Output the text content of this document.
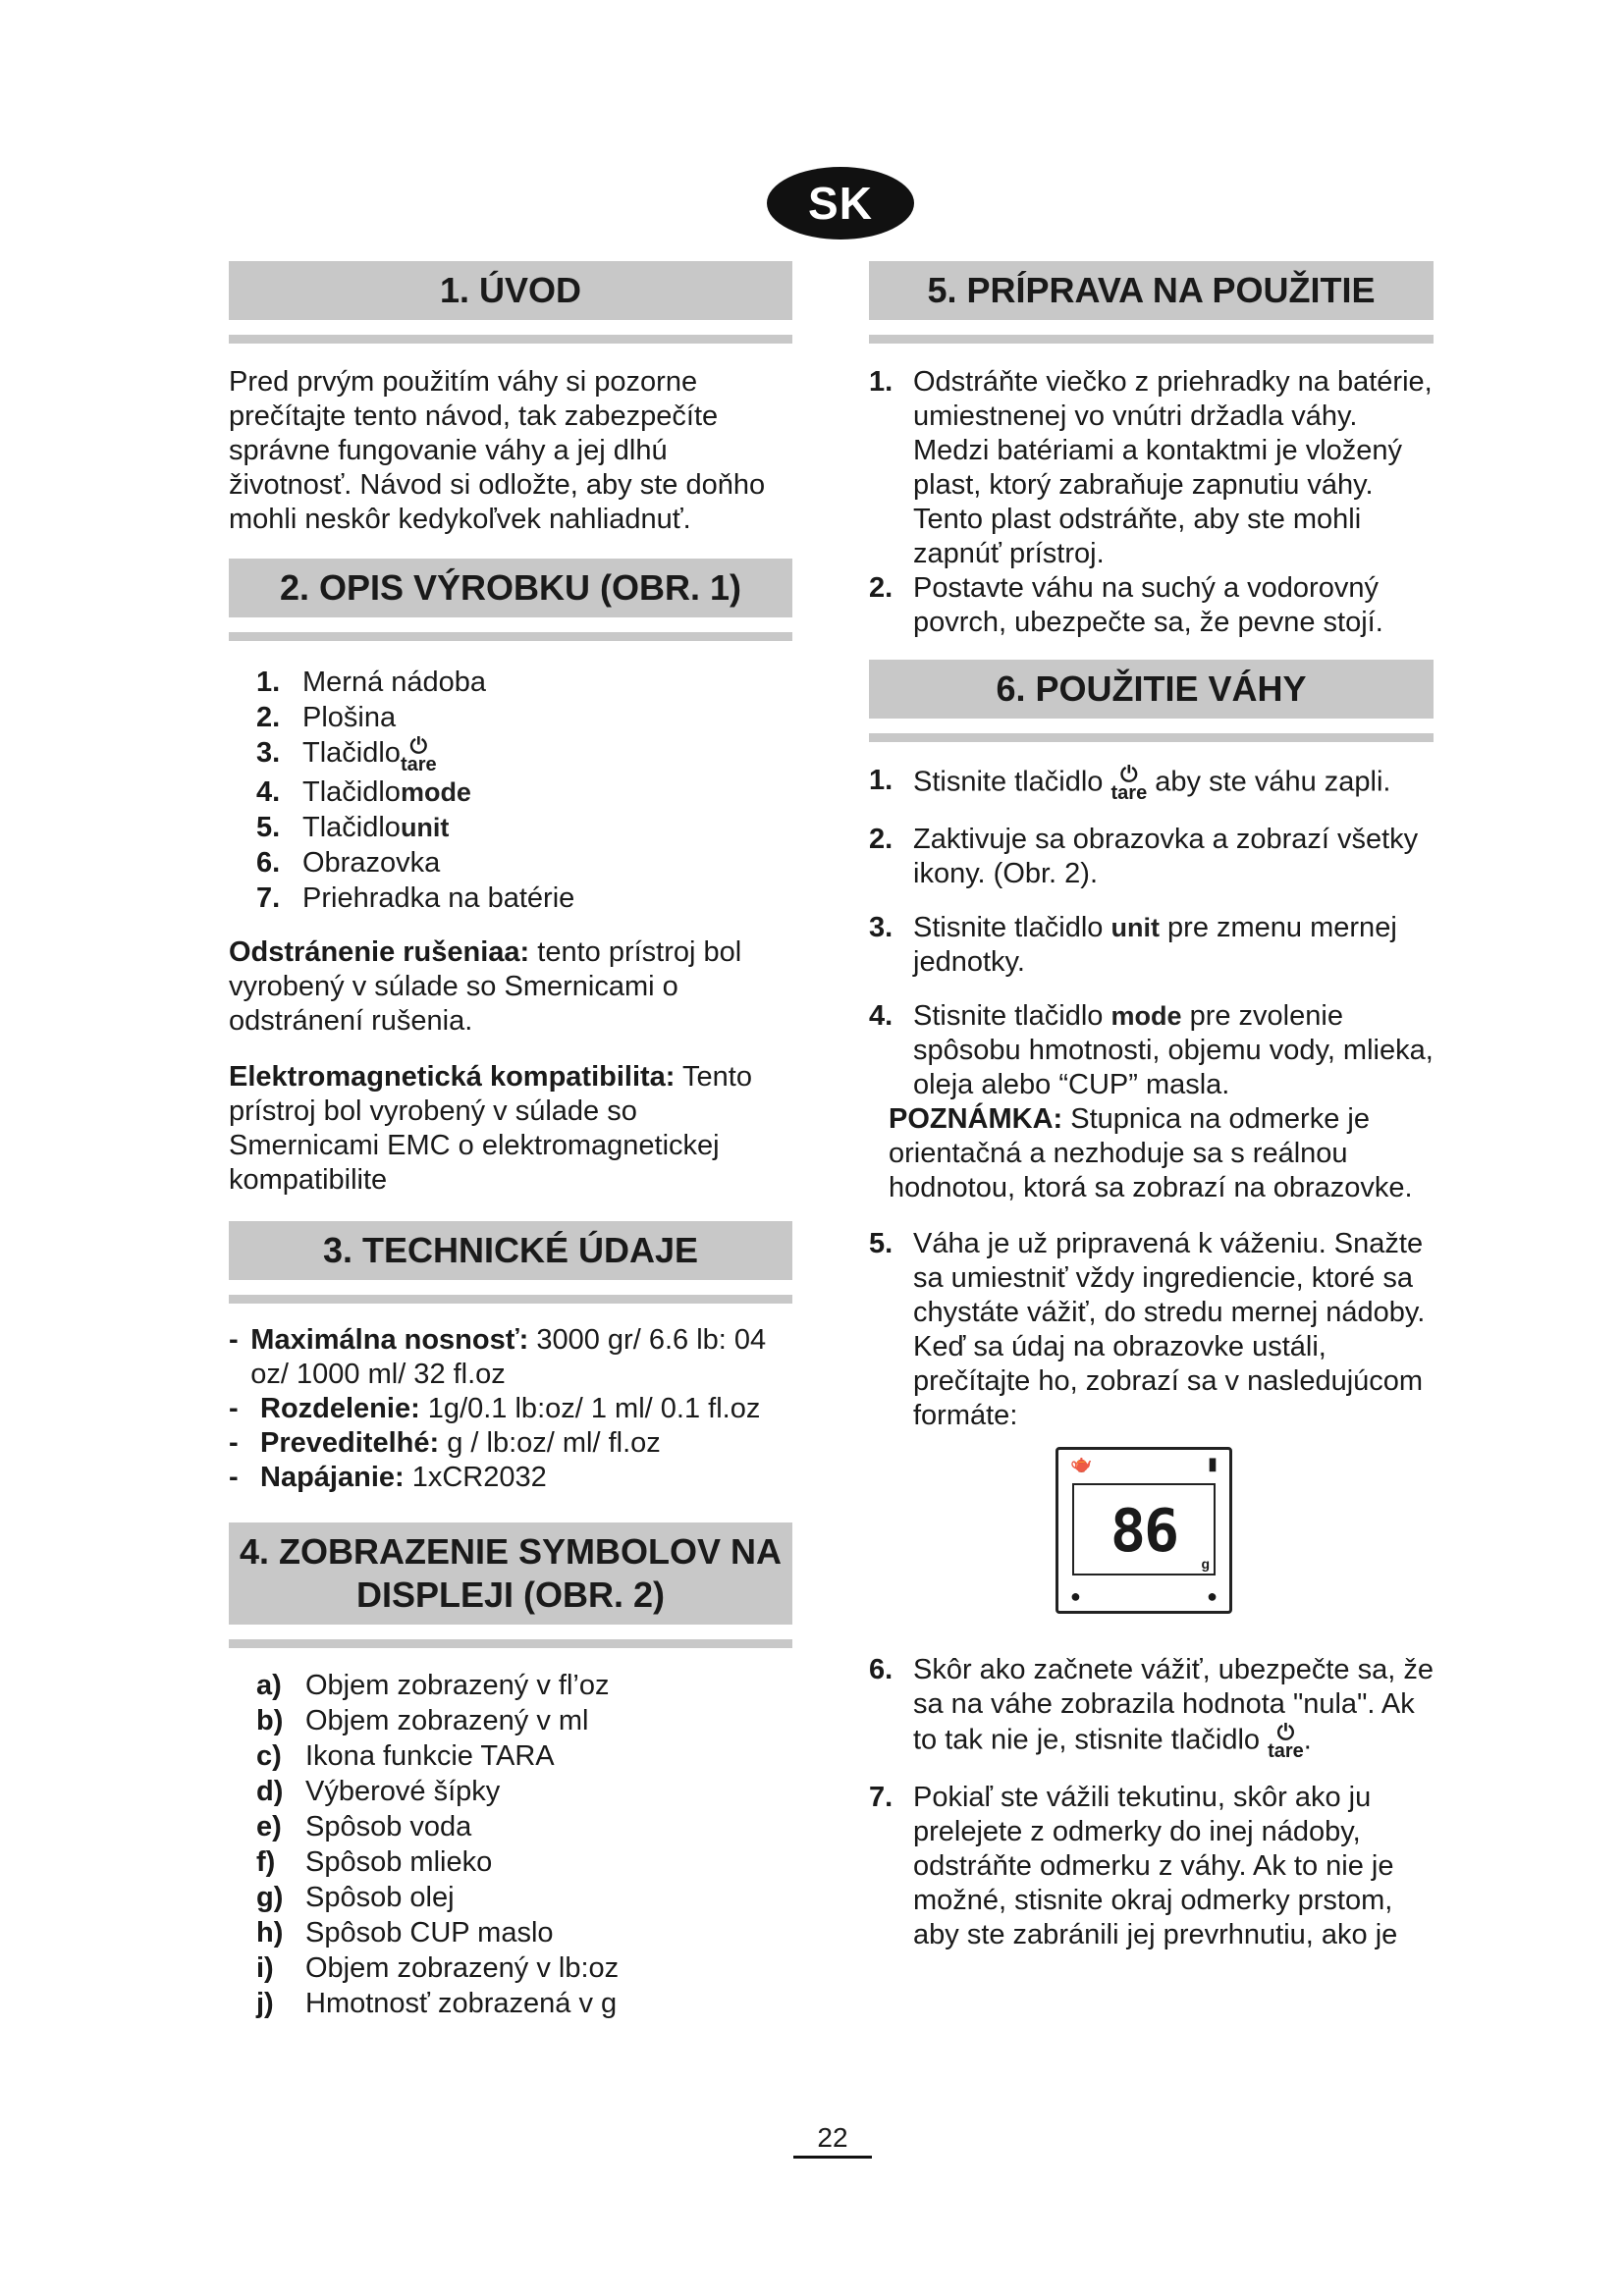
SK
1. ÚVOD

Pred prvým použitím váhy si pozorne prečítajte tento návod, tak zabezpečíte správne fungovanie váhy a jej dlhú životnosť. Návod si odložte, aby ste doňho mohli neskôr kedykoľvek nahliadnuť.

2. OPIS VÝROBKU (OBR. 1)
1. Merná nádoba
2. Plošina
3. Tlačidlo ⏻
tare
4. Tlačidlo mode
5. Tlačidlo unit
6. Obrazovka
7. Priehradka na batérie

Odstránenie rušeniaa: tento prístroj bol vyrobený v súlade so Smernicami o odstránení rušenia.

Elektromagnetická kompatibilita: Tento prístroj bol vyrobený v súlade so Smernicami EMC o elektromagnetickej kompatibilite

3. TECHNICKÉ ÚDAJE
- Maximálna nosnosť: 3000 gr/ 6.6 lb: 04 oz/ 1000 ml/ 32 fl.oz
- Rozdelenie: 1g/0.1 lb:oz/ 1 ml/ 0.1 fl.oz
- Preveditelhé: g / lb:oz/ ml/ fl.oz
- Napájanie: 1xCR2032
4. ZOBRAZENIE SYMBOLOV NA DISPLEJI (OBR. 2)
a) Objem zobrazený v fl’oz
b) Objem zobrazený v ml
c) Ikona funkcie TARA
d) Výberové šípky
e) Spôsob voda
f)	Spôsob mlieko
g) Spôsob olej
h) Spôsob CUP maslo
i)	Objem zobrazený v lb:oz
j)	Hmotnosť zobrazená v g
5. PRÍPRAVA NA POUŽITIE
1. Odstráňte viečko z priehradky na batérie, umiestnenej vo vnútri držadla váhy. Medzi batériami a kontaktmi je vložený plast, ktorý zabraňuje zapnutiu váhy. Tento plast odstráňte, aby ste mohli zapnúť prístroj.
2. Postavte váhu na suchý a vodorovný povrch, ubezpečte sa, že pevne stojí.
6. POUŽITIE VÁHY
1. Stisnite tlačidlo ⏻
tare aby ste váhu zapli.
2. Zaktivuje sa obrazovka a zobrazí všetky ikony. (Obr. 2).
3. Stisnite tlačidlo unit pre zmenu mernej jednotky.
4. Stisnite tlačidlo mode pre zvolenie spôsobu hmotnosti, objemu vody, mlieka, oleja alebo “CUP” masla.

POZNÁMKA: Stupnica na odmerke je orientačná a nezhoduje sa s reálnou hodnotou, ktorá sa zobrazí na obrazovke.

5. Váha je už pripravená k váženiu. Snažte sa umiestniť vždy ingrediencie, ktoré sa chystáte vážiť, do stredu mernej nádoby. Keď sa údaj na obrazovke ustáli, prečítajte ho, zobrazí sa v nasledujúcom formáte:
🫖	▮
86	g
●	●
6. Skôr ako začnete vážiť, ubezpečte sa, že sa na váhe zobrazila hodnota "nula". Ak to tak nie je, stisnite tlačidlo ⏻
tare .
7. Pokiaľ ste vážili tekutinu, skôr ako ju prelejete z odmerky do inej nádoby, odstráňte odmerku z váhy. Ak to nie je možné, stisnite okraj odmerky prstom, aby ste zabránili jej prevrhnutiu, ako je
22
